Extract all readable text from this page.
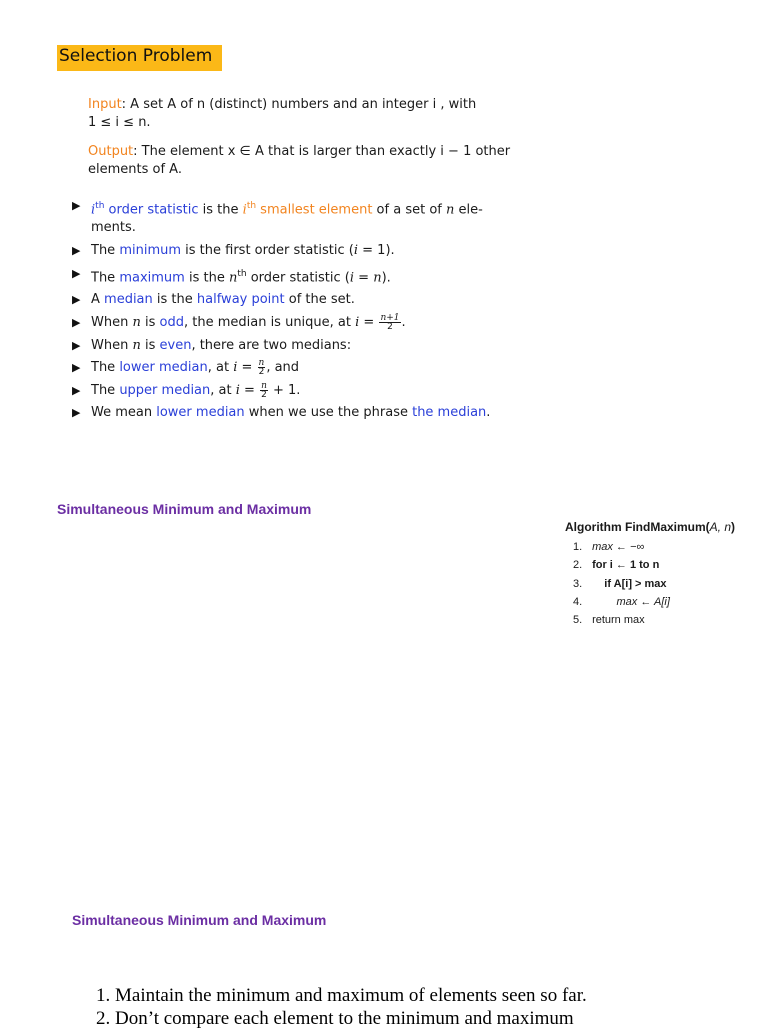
Selection Problem
Input: A set A of n (distinct) numbers and an integer i , with
1 ≤ i ≤ n.
Output: The element x ∈ A that is larger than exactly i − 1 other
elements of A.
▶ $i^{th}$ order statistic is the $i^{th}$ smallest element of a set of n ele-
ments.
▶ The minimum is the first order statistic (i = 1).
▶ The maximum is the $n^{th}$ order statistic (i = n).
▶ A median is the halfway point of the set.
▶ When n is odd, the median is unique, at $i = \frac{n+1}{2}$ .
▶ When n is even, there are two medians:
▶ The lower median, at $i = \frac{n}{2}$ , and
▶ The upper median, at $i = \frac{n}{2} + 1$.
▶ We mean lower median when we use the phrase the median.
Simultaneous Minimum and Maximum
Algorithm FindMaximum(A, n)
1. max ← −∞
2. for i ← 1 to n
3.     if A[i] > max
4.         max ← A[i]
5. return max
Simultaneous Minimum and Maximum
1. Maintain the minimum and maximum of elements seen so far.
2. Don’t compare each element to the minimum and maximum
